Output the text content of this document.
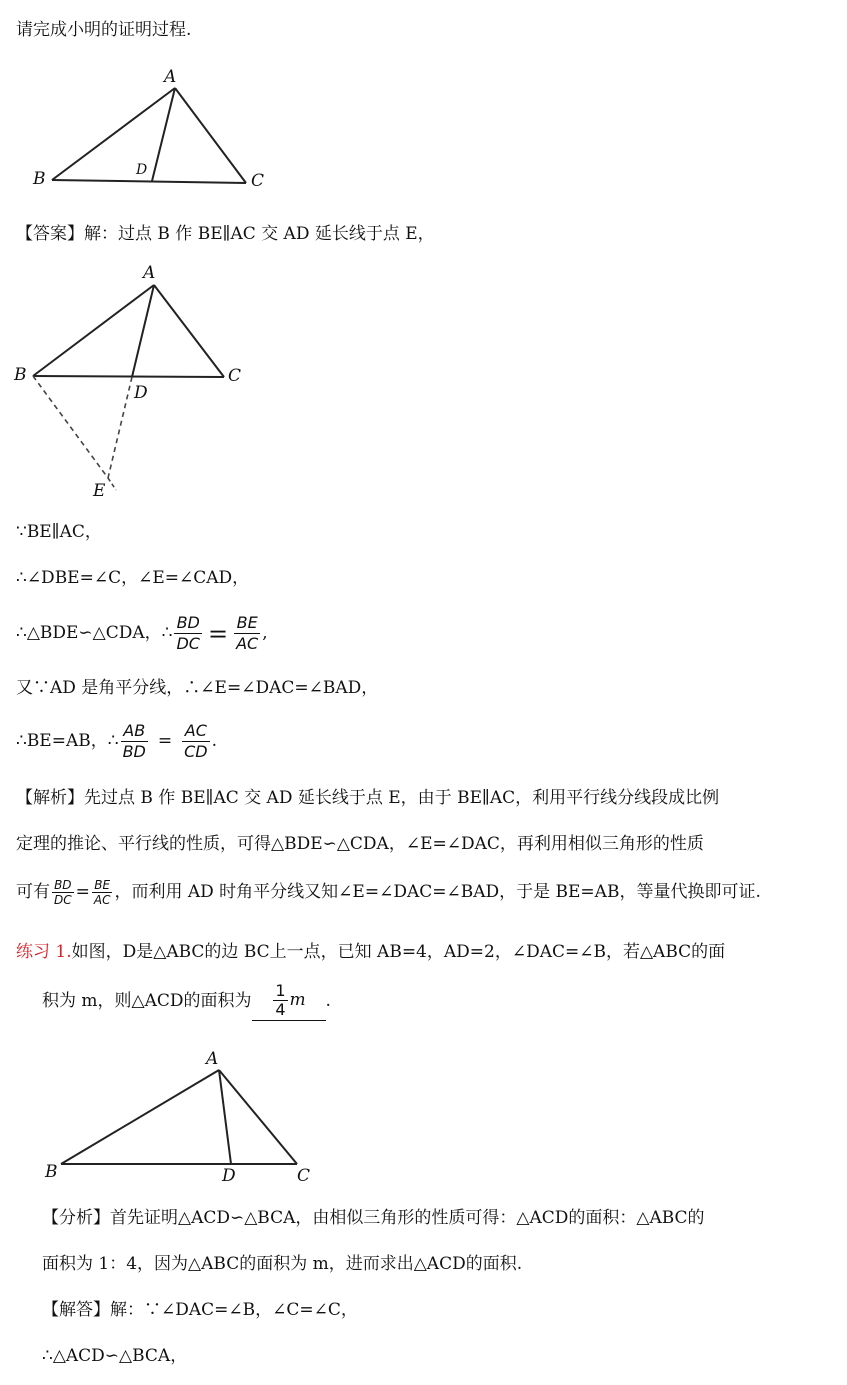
请完成小明的证明过程.
A
B	C
D
【答案】解：过点 B 作 BE∥AC 交 AD 延长线于点 E，
A
B	C
D
E
∵BE∥AC，
∴∠DBE=∠C，∠E=∠CAD，
∴△BDE∽△CDA，∴ $\frac{BD}{DC} = \frac{BE}{AC}$ ,
又∵AD 是角平分线，∴∠E=∠DAC=∠BAD，
∴BE=AB，∴ $\frac{AB}{BD} = \frac{AC}{CD}$ .
【解析】先过点 B 作 BE∥AC 交 AD 延长线于点 E，由于 BE∥AC，利用平行线分线段成比例
定理的推论、平行线的性质，可得△BDE∽△CDA，∠E=∠DAC，再利用相似三角形的性质
可有 $\frac{BD}{DC} = \frac{BE}{AC}$ ，而利用 AD 时角平分线又知∠E=∠DAC=∠BAD，于是 BE=AB，等量代换即可证.
练习 1.如图，D是△ABC的边 BC上一点，已知 AB=4，AD=2，∠DAC=∠B，若△ABC的面
积为 m，则△ACD的面积为 $\frac{1}{4}$ m .
A
B	C
D
【分析】首先证明△ACD∽△BCA，由相似三角形的性质可得：△ACD的面积：△ABC的
面积为 1：4，因为△ABC的面积为 m，进而求出△ACD的面积.
【解答】解：∵∠DAC=∠B，∠C=∠C，
∴△ACD∽△BCA，
